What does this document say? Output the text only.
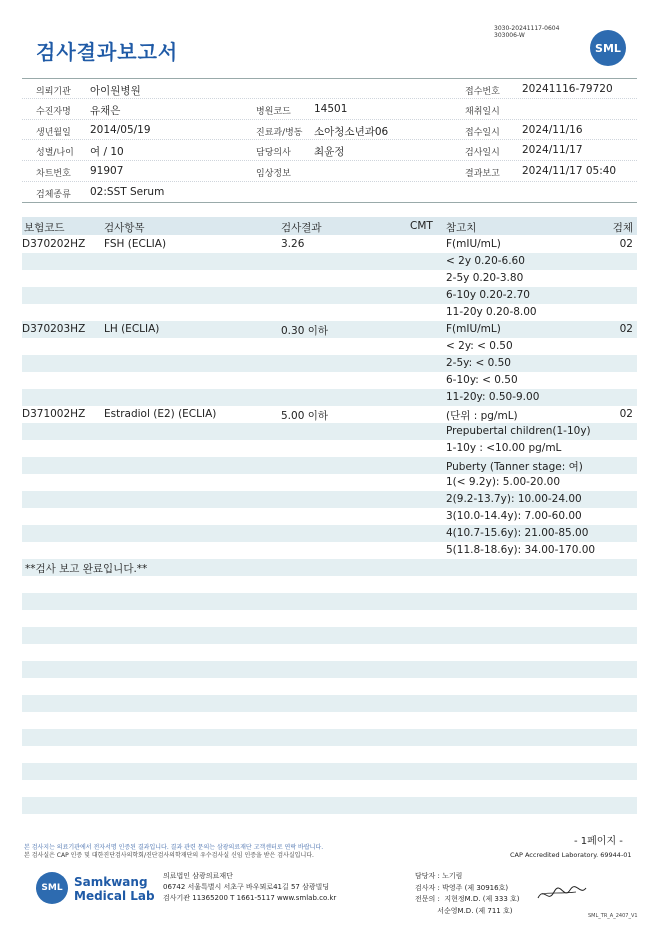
검사결과보고서
3030-20241117-0604
303006-W
SML
의뢰기관 아이원병원	접수번호 20241116-79720
수진자명 유채은	병원코드 14501	채취일시
생년월일 2014/05/19	진료과/병동 소아청소년과06	접수일시 2024/11/16
성별/나이 여 / 10	담당의사 최윤정	검사일시 2024/11/17
차트번호 91907	임상정보	결과보고 2024/11/17 05:40
검체종류 02:SST Serum
보험코드	검사항목	검사결과	CMT 참고치	검체
D370202HZ FSH (ECLIA)	3.26	F(mIU/mL)	02
< 2y 0.20-6.60
2-5y 0.20-3.80
6-10y 0.20-2.70
11-20y 0.20-8.00
D370203HZ LH (ECLIA)	0.30 이하	F(mIU/mL)	02
< 2y: < 0.50
2-5y: < 0.50
6-10y: < 0.50
11-20y: 0.50-9.00
D371002HZ Estradiol (E2) (ECLIA)	5.00 이하	(단위 : pg/mL)	02
Prepubertal children(1-10y)
1-10y : <10.00 pg/mL
Puberty (Tanner stage: 여)
1(< 9.2y): 5.00-20.00
2(9.2-13.7y): 10.00-24.00
3(10.0-14.4y): 7.00-60.00
4(10.7-15.6y): 21.00-85.00
5(11.8-18.6y): 34.00-170.00
**검사 보고 완료입니다.**
본 검사지는 의료기관에서 전자서명 인증된 결과입니다. 결과 관련 문의는 삼광의료재단 고객센터로 연락 바랍니다.
본 검사실은 CAP 인증 및 대한진단검사의학회/진단검사의학재단의 우수검사실 신임 인증을 받은 검사실입니다.
- 1페이지 -
CAP Accredited Laboratory. 69944-01
SML Samkwang
Medical Lab
의료법인 삼광의료재단
06742 서울특별시 서초구 바우뫼로41길 57 삼광빌딩
검사기관 11365200 T 1661-5117 www.smlab.co.kr
담당자 : 노기림
검사자 : 박영주 (제 30916호)
전문의 :  지현정M.D. (제 333 호)
서순영M.D. (제 711 호)
SML_TR_A_2407_V1
